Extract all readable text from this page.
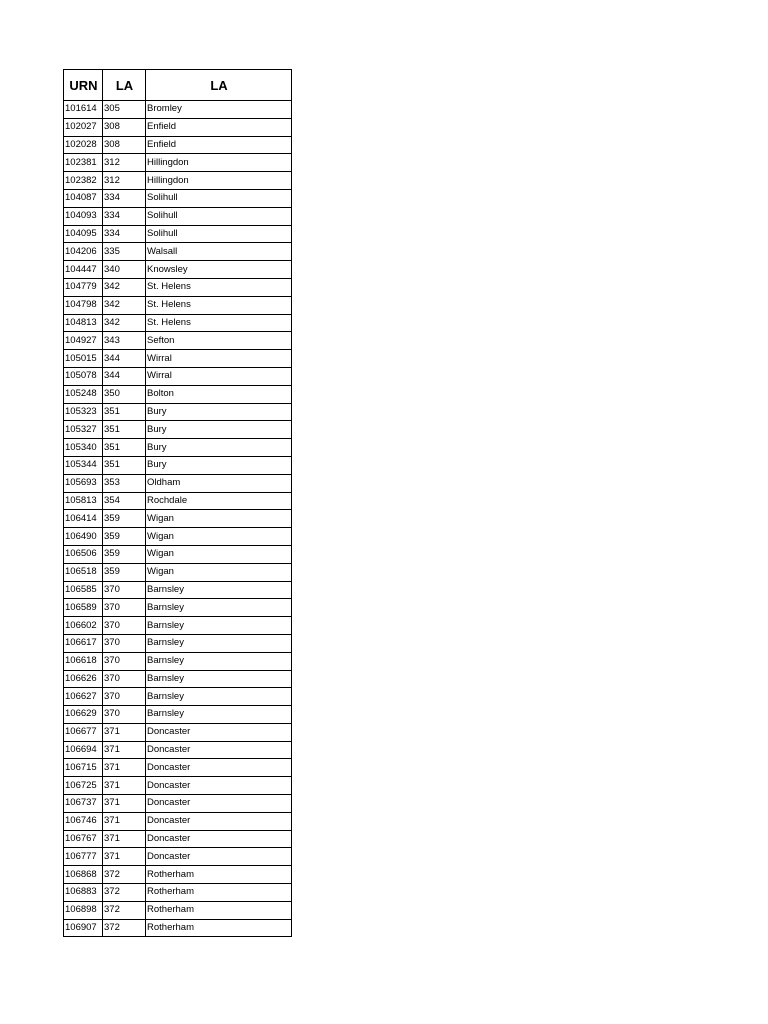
URN	LA	LA
101614	305	Bromley
102027	308	Enfield
102028	308	Enfield
102381	312	Hillingdon
102382	312	Hillingdon
104087	334	Solihull
104093	334	Solihull
104095	334	Solihull
104206	335	Walsall
104447	340	Knowsley
104779	342	St. Helens
104798	342	St. Helens
104813	342	St. Helens
104927	343	Sefton
105015	344	Wirral
105078	344	Wirral
105248	350	Bolton
105323	351	Bury
105327	351	Bury
105340	351	Bury
105344	351	Bury
105693	353	Oldham
105813	354	Rochdale
106414	359	Wigan
106490	359	Wigan
106506	359	Wigan
106518	359	Wigan
106585	370	Barnsley
106589	370	Barnsley
106602	370	Barnsley
106617	370	Barnsley
106618	370	Barnsley
106626	370	Barnsley
106627	370	Barnsley
106629	370	Barnsley
106677	371	Doncaster
106694	371	Doncaster
106715	371	Doncaster
106725	371	Doncaster
106737	371	Doncaster
106746	371	Doncaster
106767	371	Doncaster
106777	371	Doncaster
106868	372	Rotherham
106883	372	Rotherham
106898	372	Rotherham
106907	372	Rotherham
